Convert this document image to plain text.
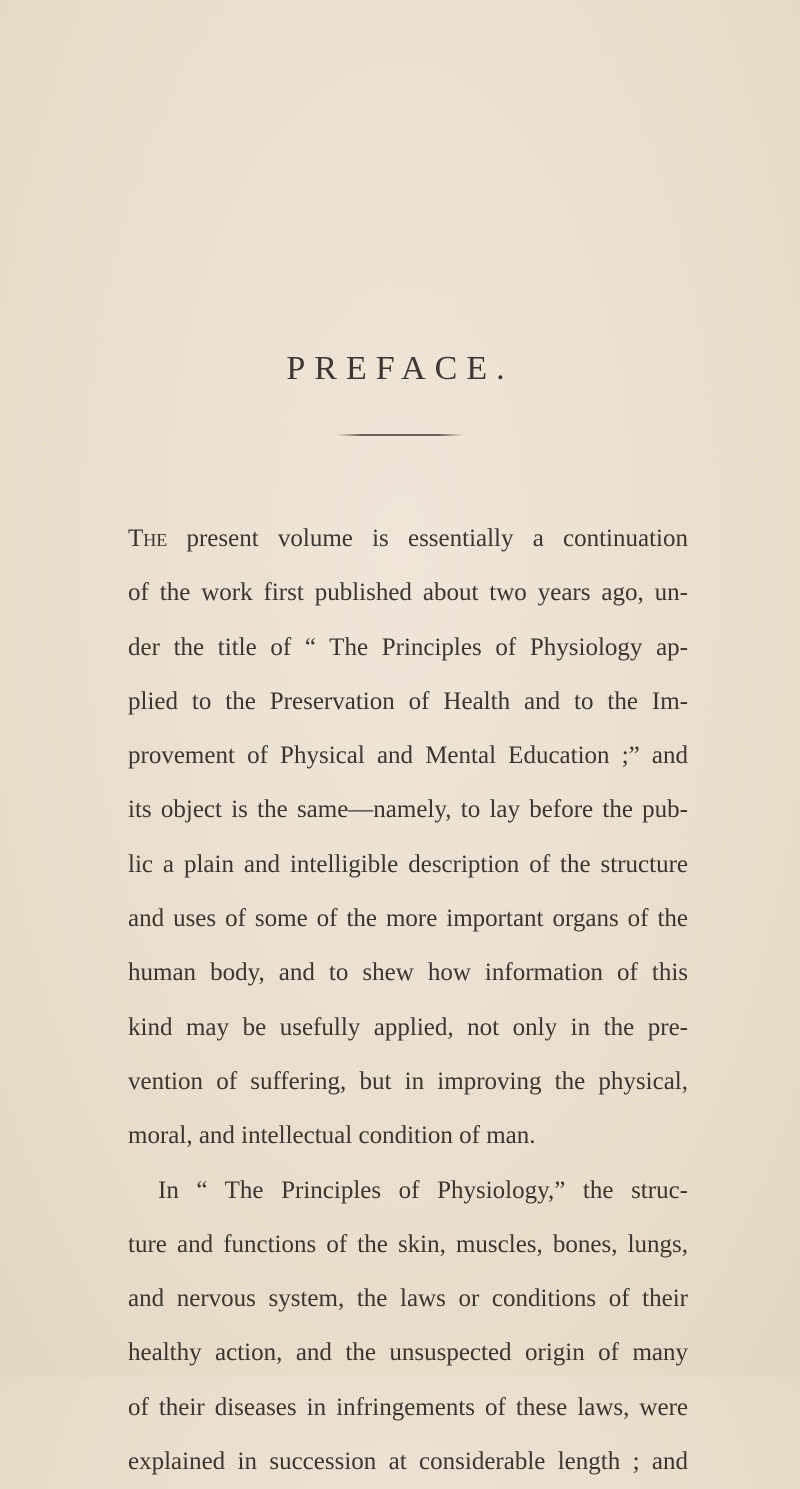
PREFACE.
The present volume is essentially a continuation
of the work first published about two years ago, un-
der the title of “ The Principles of Physiology ap-
plied to the Preservation of Health and to the Im-
provement of Physical and Mental Education ;” and
its object is the same—namely, to lay before the pub-
lic a plain and intelligible description of the structure
and uses of some of the more important organs of the
human body, and to shew how information of this
kind may be usefully applied, not only in the pre-
vention of suffering, but in improving the physical,
moral, and intellectual condition of man.
In “ The Principles of Physiology,” the struc-
ture and functions of the skin, muscles, bones, lungs,
and nervous system, the laws or conditions of their
healthy action, and the unsuspected origin of many
of their diseases in infringements of these laws, were
explained in succession at considerable length ; and
